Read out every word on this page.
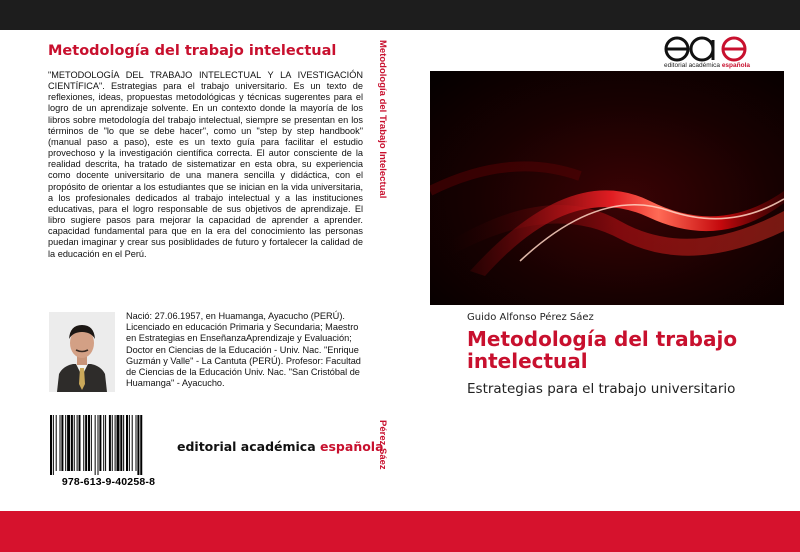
Metodología del trabajo intelectual

"METODOLOGÍA DEL TRABAJO INTELECTUAL Y LA IVESTIGACIÓN CIENTÍFICA". Estrategias para el trabajo universitario. Es un texto de reflexiones, ideas, propuestas metodológicas y técnicas sugerentes para el logro de un aprendizaje solvente. En un contexto donde la mayoría de los libros sobre metodología del trabajo intelectual, siempre se presentan en los términos de "lo que se debe hacer", como un "step by step handbook" (manual paso a paso), este es un texto guía para facilitar el estudio provechoso y la investigación científica correcta. El autor consciente de la realidad descrita, ha tratado de sistematizar en esta obra, su experiencia como docente universitario de una manera sencilla y didáctica, con el propósito de orientar a los estudiantes que se inician en la vida universitaria, a los profesionales dedicados al trabajo intelectual y a las instituciones educativas, para el logro responsable de sus objetivos de aprendizaje. El libro sugiere pasos para mejorar la capacidad de aprender a aprender. capacidad fundamental para que en la era del conocimiento las personas puedan imaginar y crear sus posiblidades de futuro y fortalecer la calidad de la educación en el Perú.

Nació: 27.06.1957, en Huamanga, Ayacucho (PERÚ). Licenciado en educación Primaria y Secundaria; Maestro en Estrategias en EnseñanzaAprendizaje y Evaluación; Doctor en Ciencias de la Educación - Univ. Nac. "Enrique Guzmán y Valle" - La Cantuta (PERÚ). Profesor: Facultad de Ciencias de la Educación Univ. Nac. "San Cristóbal de Huamanga" - Ayacucho.

978-613-9-40258-8
editorial académica española
Metodología del Trabajo Intelectual
Pérez Sáez
editorial académica española
Guido Alfonso Pérez Sáez
Metodología del trabajo intelectual
Estrategias para el trabajo universitario
